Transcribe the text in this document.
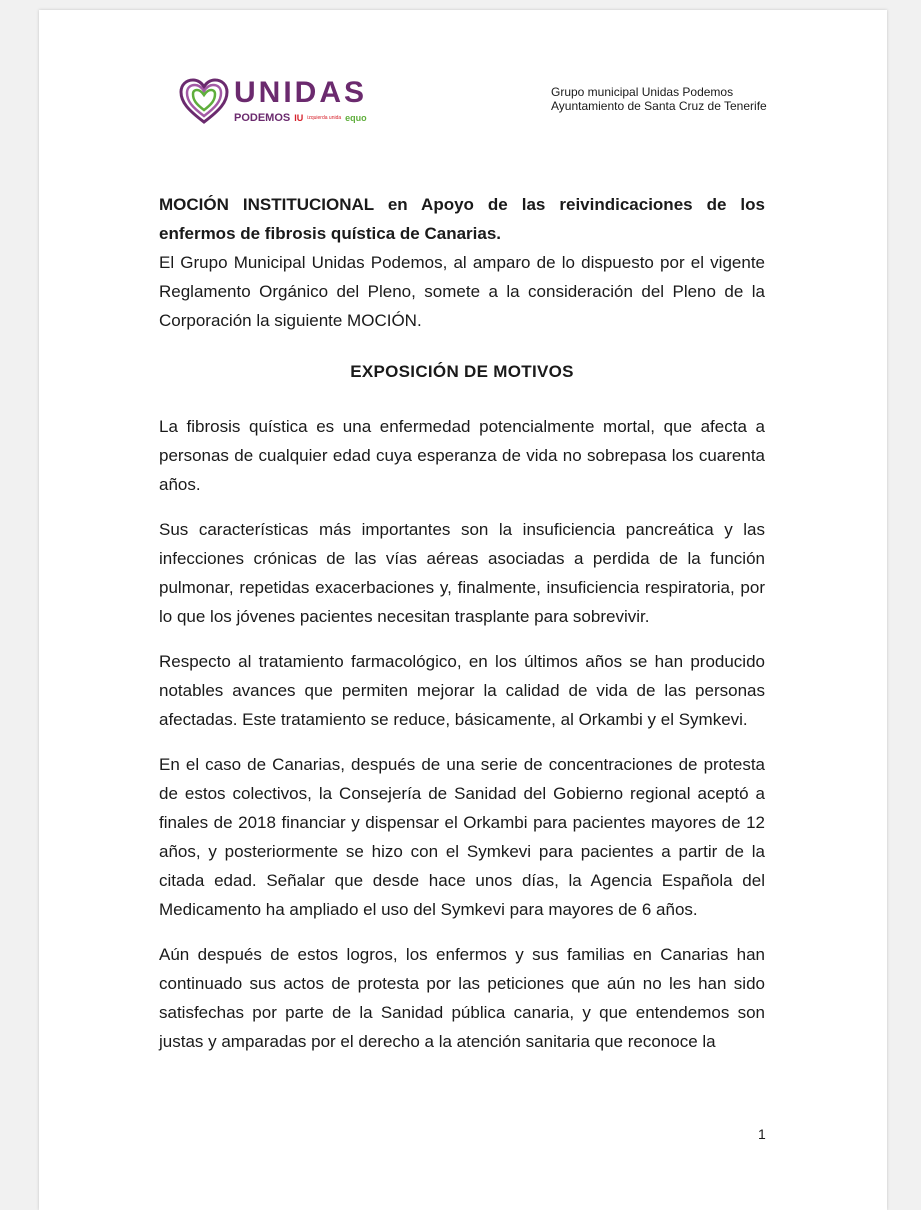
UNIDAS
PODEMOS IU izquierda unida equo
Grupo municipal Unidas Podemos
Ayuntamiento de Santa Cruz de Tenerife

MOCIÓN INSTITUCIONAL en Apoyo de las reivindicaciones de los enfermos de fibrosis quística de Canarias.

El Grupo Municipal Unidas Podemos, al amparo de lo dispuesto por el vigente Reglamento Orgánico del Pleno, somete a la consideración del Pleno de la Corporación la siguiente MOCIÓN.

EXPOSICIÓN DE MOTIVOS

La fibrosis quística es una enfermedad potencialmente mortal, que afecta a personas de cualquier edad cuya esperanza de vida no sobrepasa los cuarenta años.

Sus características más importantes son la insuficiencia pancreática y las infecciones crónicas de las vías aéreas asociadas a perdida de la función pulmonar, repetidas exacerbaciones y, finalmente, insuficiencia respiratoria, por lo que los jóvenes pacientes necesitan trasplante para sobrevivir.

Respecto al tratamiento farmacológico, en los últimos años se han producido notables avances que permiten mejorar la calidad de vida de las personas afectadas. Este tratamiento se reduce, básicamente, al Orkambi y el Symkevi.

En el caso de Canarias, después de una serie de concentraciones de protesta de estos colectivos, la Consejería de Sanidad del Gobierno regional aceptó a finales de 2018 financiar y dispensar el Orkambi para pacientes mayores de 12 años, y posteriormente se hizo con el Symkevi para pacientes a partir de la citada edad. Señalar que desde hace unos días, la Agencia Española del Medicamento ha ampliado el uso del Symkevi para mayores de 6 años.

Aún después de estos logros, los enfermos y sus familias en Canarias han continuado sus actos de protesta por las peticiones que aún no les han sido satisfechas por parte de la Sanidad pública canaria, y que entendemos son justas y amparadas por el derecho a la atención sanitaria que reconoce la

1
